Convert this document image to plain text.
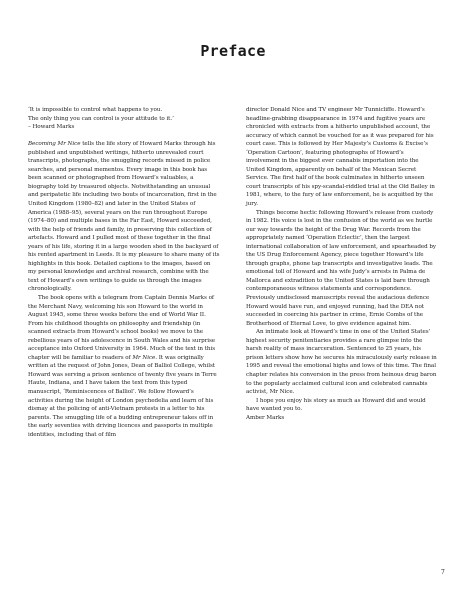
Preface
‘It is impossible to control what happens to you.
The only thing you can control is your attitude to it.’
– Howard Marks

Becoming Mr Nice tells the life story of Howard Marks through his published and unpublished writings, hitherto unrevealed court transcripts, photographs, the smuggling records missed in police searches, and personal mementos. Every image in this book has been scanned or photographed from Howard’s valuables, a biography told by treasured objects. Notwithstanding an unusual and peripatetic life including two bouts of incarceration, first in the United Kingdom (1980–82) and later in the United States of America (1988–95), several years on the run throughout Europe (1974–80) and multiple bases in the Far East, Howard succeeded, with the help of friends and family, in preserving this collection of artefacts. Howard and I pulled most of these together in the final years of his life, storing it in a large wooden shed in the backyard of his rented apartment in Leeds. It is my pleasure to share many of its highlights in this book. Detailed captions to the images, based on my personal knowledge and archival research, combine with the text of Howard’s own writings to guide us through the images chronologically.

The book opens with a telegram from Captain Dennis Marks of the Merchant Navy, welcoming his son Howard to the world in August 1945, some three weeks before the end of World War II. From his childhood thoughts on philosophy and friendship (in scanned extracts from Howard’s school books) we move to the rebellious years of his adolescence in South Wales and his surprise acceptance into Oxford University in 1964. Much of the text in this chapter will be familiar to readers of Mr Nice. It was originally written at the request of John Jones, Dean of Balliol College, whilst Howard was serving a prison sentence of twenty five years in Terre Haute, Indiana, and I have taken the text from this typed manuscript, ‘Reminiscences of Balliol’. We follow Howard’s activities during the height of London psychedelia and learn of his dismay at the policing of anti-Vietnam protests in a letter to his parents. The smuggling life of a budding entrepreneur takes off in the early seventies with driving licences and passports in multiple identities, including that of film

director Donald Nice and TV engineer Mr Tunnicliffe. Howard’s headline-grabbing disappearance in 1974 and fugitive years are chronicled with extracts from a hitherto unpublished account, the accuracy of which cannot be vouched for as it was prepared for his court case. This is followed by Her Majesty’s Customs & Excise’s ‘Operation Cartoon’, featuring photographs of Howard’s involvement in the biggest ever cannabis importation into the United Kingdom, apparently on behalf of the Mexican Secret Service. The first half of the book culminates in hitherto unseen court transcripts of his spy-scandal-riddled trial at the Old Bailey in 1981, where, to the fury of law enforcement, he is acquitted by the jury.

Things become hectic following Howard’s release from custody in 1982. His voice is lost in the confusion of the world as we hurtle our way towards the height of the Drug War. Records from the appropriately named ‘Operation Eclectic’, then the largest international collaboration of law enforcement, and spearheaded by the US Drug Enforcement Agency, piece together Howard’s life through graphs, phone tap transcripts and investigative leads. The emotional toll of Howard and his wife Judy’s arrests in Palma de Mallorca and extradition to the United States is laid bare through contemporaneous witness statements and correspondence. Previously undisclosed manuscripts reveal the audacious defence Howard would have run, and enjoyed running, had the DEA not succeeded in coercing his partner in crime, Ernie Combs of the Brotherhood of Eternal Love, to give evidence against him.

An intimate look at Howard’s time in one of the United States’ highest security penitentiaries provides a rare glimpse into the harsh reality of mass incarceration. Sentenced to 25 years, his prison letters show how he secures his miraculously early release in 1995 and reveal the emotional highs and lows of this time. The final chapter relates his conversion in the press from heinous drug baron to the popularly acclaimed cultural icon and celebrated cannabis activist, Mr Nice.

I hope you enjoy his story as much as Howard did and would have wanted you to.

Amber Marks

7
